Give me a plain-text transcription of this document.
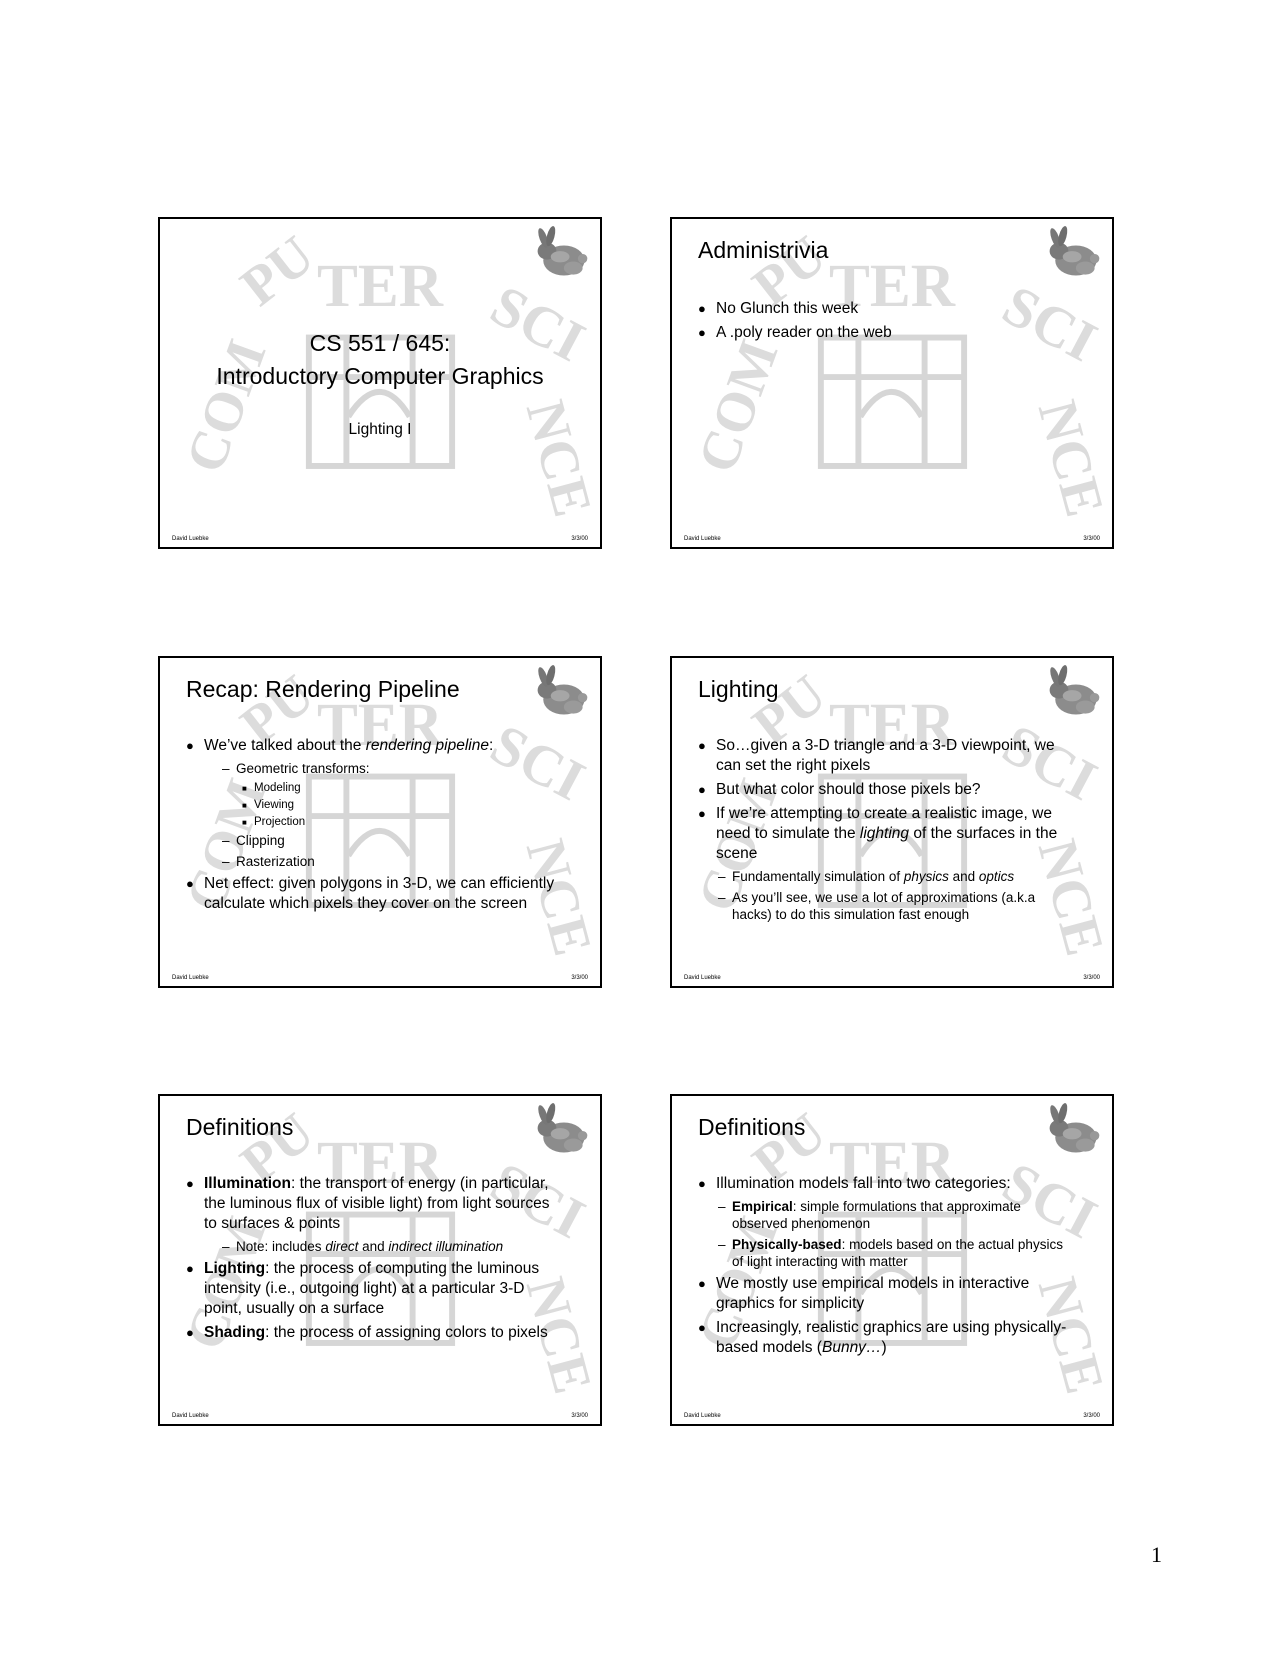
CS 551 / 645:
Introductory Computer Graphics
Lighting I
David Luebke	3/3/00
Administrivia
● No Glunch this week
● A .poly reader on the web
David Luebke	3/3/00
Recap: Rendering Pipeline
● We’ve talked about the rendering pipeline:
– Geometric transforms:
■ Modeling
■ Viewing
■ Projection
– Clipping
– Rasterization
● Net effect: given polygons in 3-D, we can efficiently calculate which pixels they cover on the screen
David Luebke	3/3/00
Lighting
● So…given a 3-D triangle and a 3-D viewpoint, we can set the right pixels
● But what color should those pixels be?
● If we’re attempting to create a realistic image, we need to simulate the lighting of the surfaces in the scene
– Fundamentally simulation of physics and optics
– As you’ll see, we use a lot of approximations (a.k.a hacks) to do this simulation fast enough
David Luebke	3/3/00
Definitions
● Illumination: the transport of energy (in particular, the luminous flux of visible light) from light sources to surfaces & points
– Note: includes direct and indirect illumination
● Lighting: the process of computing the luminous intensity (i.e., outgoing light) at a particular 3-D point, usually on a surface
● Shading: the process of assigning colors to pixels
David Luebke	3/3/00
Definitions
● Illumination models fall into two categories:
– Empirical: simple formulations that approximate observed phenomenon
– Physically-based: models based on the actual physics of light interacting with matter
● We mostly use empirical models in interactive graphics for simplicity
● Increasingly, realistic graphics are using physically-based models (Bunny…)
David Luebke	3/3/00
1
